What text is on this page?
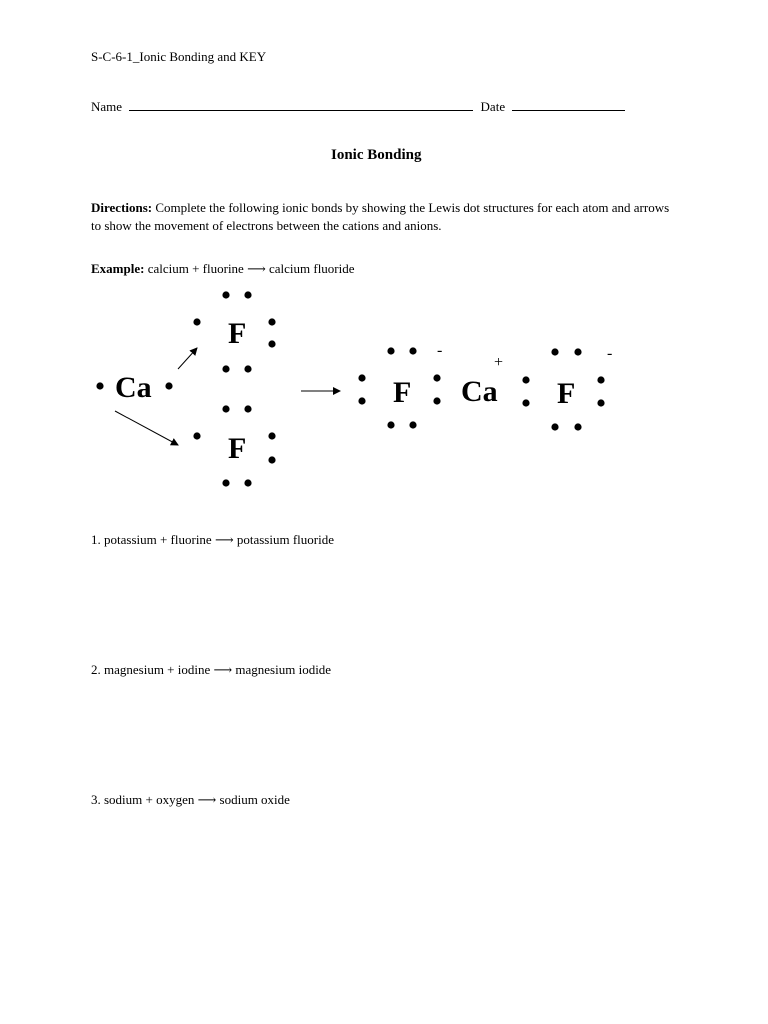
S-C-6-1_Ionic Bonding and KEY
Name	Date
Ionic Bonding
Directions: Complete the following ionic bonds by showing the Lewis dot structures for each atom and arrows to show the movement of electrons between the cations and anions.
Example: calcium + fluorine ⟶ calcium fluoride
Ca
F
F
F Ca F
-
+
-
1. potassium + fluorine ⟶ potassium fluoride
2. magnesium + iodine ⟶ magnesium iodide
3. sodium + oxygen ⟶ sodium oxide
